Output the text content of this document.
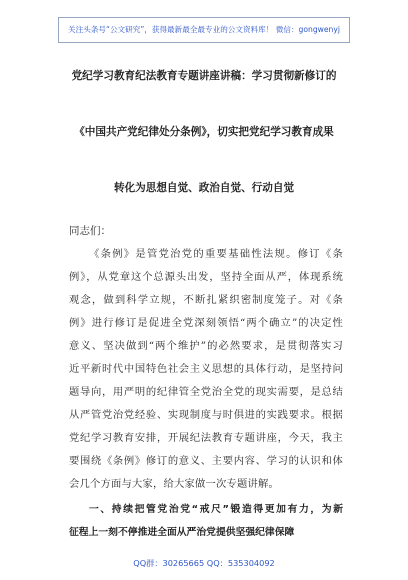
关注头条号“公文研究”，获得最新最全最专业的公文资料库！ 微信：gongwenyj
党纪学习教育纪法教育专题讲座讲稿：学习贯彻新修订的
《中国共产党纪律处分条例》，切实把党纪学习教育成果
转化为思想自觉、政治自觉、行动自觉
同志们：
《条例》是管党治党的重要基础性法规。修订《条
例》，从党章这个总源头出发，坚持全面从严，体现系统
观念，做到科学立规，不断扎紧织密制度笼子。对《条
例》进行修订是促进全党深刻领悟“两个确立”的决定性
意义、坚决做到“两个维护”的必然要求，是贯彻落实习
近平新时代中国特色社会主义思想的具体行动，是坚持问
题导向，用严明的纪律管全党治全党的现实需要，是总结
从严管党治党经验、实现制度与时俱进的实践要求。根据
党纪学习教育安排，开展纪法教育专题讲座，今天，我主
要围绕《条例》修订的意义、主要内容、学习的认识和体
会几个方面与大家，给大家做一次专题讲解。
一、持续把管党治党“戒尺”锻造得更加有力，为新
征程上一刻不停推进全面从严治党提供坚强纪律保障
QQ群：30265665 QQ：535304092
